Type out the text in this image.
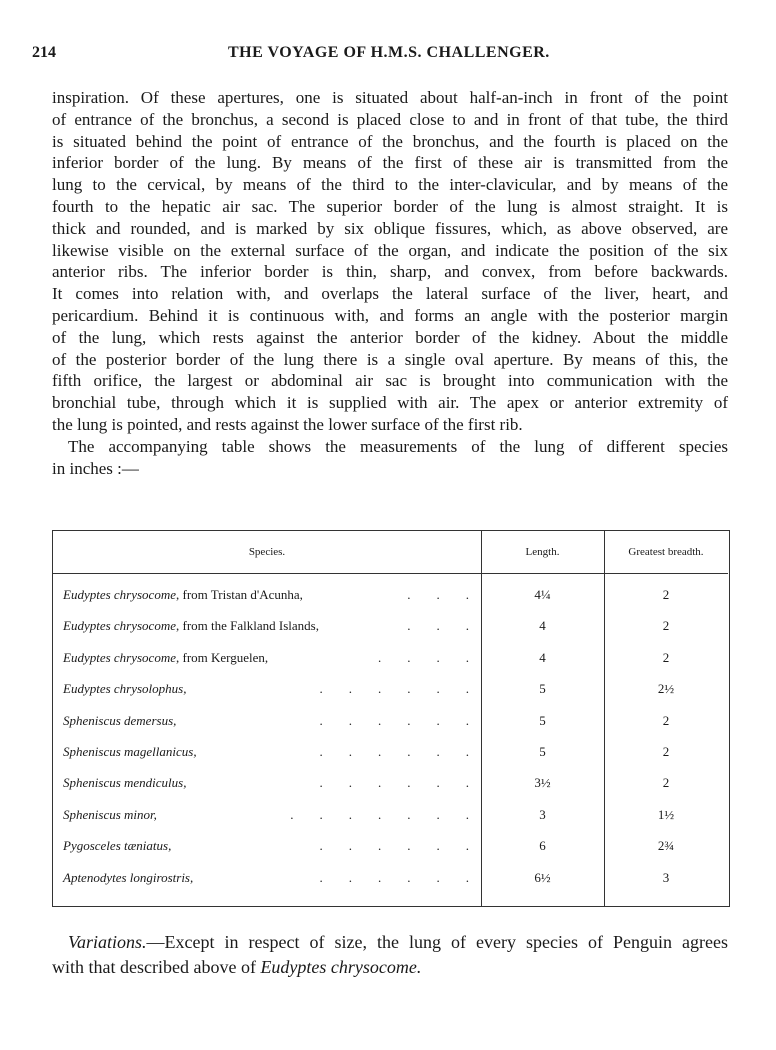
214	THE VOYAGE OF H.M.S. CHALLENGER.
inspiration. Of these apertures, one is situated about half-an-inch in front of the point
of entrance of the bronchus, a second is placed close to and in front of that tube, the third
is situated behind the point of entrance of the bronchus, and the fourth is placed on the
inferior border of the lung. By means of the first of these air is transmitted from the
lung to the cervical, by means of the third to the inter-clavicular, and by means of the
fourth to the hepatic air sac. The superior border of the lung is almost straight. It is
thick and rounded, and is marked by six oblique fissures, which, as above observed, are
likewise visible on the external surface of the organ, and indicate the position of the six
anterior ribs. The inferior border is thin, sharp, and convex, from before backwards.
It comes into relation with, and overlaps the lateral surface of the liver, heart, and
pericardium. Behind it is continuous with, and forms an angle with the posterior margin
of the lung, which rests against the anterior border of the kidney. About the middle
of the posterior border of the lung there is a single oval aperture. By means of this, the
fifth orifice, the largest or abdominal air sac is brought into communication with the
bronchial tube, through which it is supplied with air. The apex or anterior extremity of
the lung is pointed, and rests against the lower surface of the first rib.
The accompanying table shows the measurements of the lung of different species
in inches :—
Species.	Length.	Greatest breadth.
Eudyptes chrysocome, from Tristan d'Acunha,	.        .        .	4¼	2
Eudyptes chrysocome, from the Falkland Islands,	.        .        .	4	2
Eudyptes chrysocome, from Kerguelen,	.        .        .        .	4	2
Eudyptes chrysolophus,	.        .        .        .        .        .	5	2½
Spheniscus demersus,	.        .        .        .        .        .	5	2
Spheniscus magellanicus,	.        .        .        .        .        .	5	2
Spheniscus mendiculus,	.        .        .        .        .        .	3½	2
Spheniscus minor,	.        .        .        .        .        .        .	3	1½
Pygosceles tæniatus,	.        .        .        .        .        .	6	2¾
Aptenodytes longirostris,	.        .        .        .        .        .	6½	3
Variations.—Except in respect of size, the lung of every species of Penguin agrees
with that described above of Eudyptes chrysocome.
